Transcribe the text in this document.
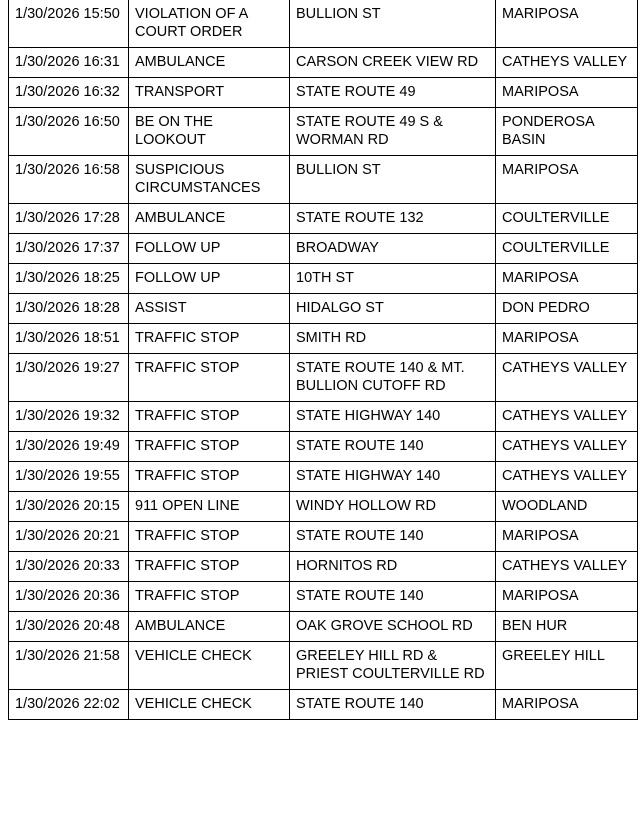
1/30/2026 15:50	VIOLATION OF A COURT ORDER	BULLION ST	MARIPOSA
1/30/2026 16:31	AMBULANCE	CARSON CREEK VIEW RD	CATHEYS VALLEY
1/30/2026 16:32	TRANSPORT	STATE ROUTE 49	MARIPOSA
1/30/2026 16:50	BE ON THE LOOKOUT	STATE ROUTE 49 S & WORMAN RD	PONDEROSA BASIN
1/30/2026 16:58	SUSPICIOUS CIRCUMSTANCES	BULLION ST	MARIPOSA
1/30/2026 17:28	AMBULANCE	STATE ROUTE 132	COULTERVILLE
1/30/2026 17:37	FOLLOW UP	BROADWAY	COULTERVILLE
1/30/2026 18:25	FOLLOW UP	10TH ST	MARIPOSA
1/30/2026 18:28	ASSIST	HIDALGO ST	DON PEDRO
1/30/2026 18:51	TRAFFIC STOP	SMITH RD	MARIPOSA
1/30/2026 19:27	TRAFFIC STOP	STATE ROUTE 140 & MT. BULLION CUTOFF RD	CATHEYS VALLEY
1/30/2026 19:32	TRAFFIC STOP	STATE HIGHWAY 140	CATHEYS VALLEY
1/30/2026 19:49	TRAFFIC STOP	STATE ROUTE 140	CATHEYS VALLEY
1/30/2026 19:55	TRAFFIC STOP	STATE HIGHWAY 140	CATHEYS VALLEY
1/30/2026 20:15	911 OPEN LINE	WINDY HOLLOW RD	WOODLAND
1/30/2026 20:21	TRAFFIC STOP	STATE ROUTE 140	MARIPOSA
1/30/2026 20:33	TRAFFIC STOP	HORNITOS RD	CATHEYS VALLEY
1/30/2026 20:36	TRAFFIC STOP	STATE ROUTE 140	MARIPOSA
1/30/2026 20:48	AMBULANCE	OAK GROVE SCHOOL RD	BEN HUR
1/30/2026 21:58	VEHICLE CHECK	GREELEY HILL RD & PRIEST COULTERVILLE RD	GREELEY HILL
1/30/2026 22:02	VEHICLE CHECK	STATE ROUTE 140	MARIPOSA
